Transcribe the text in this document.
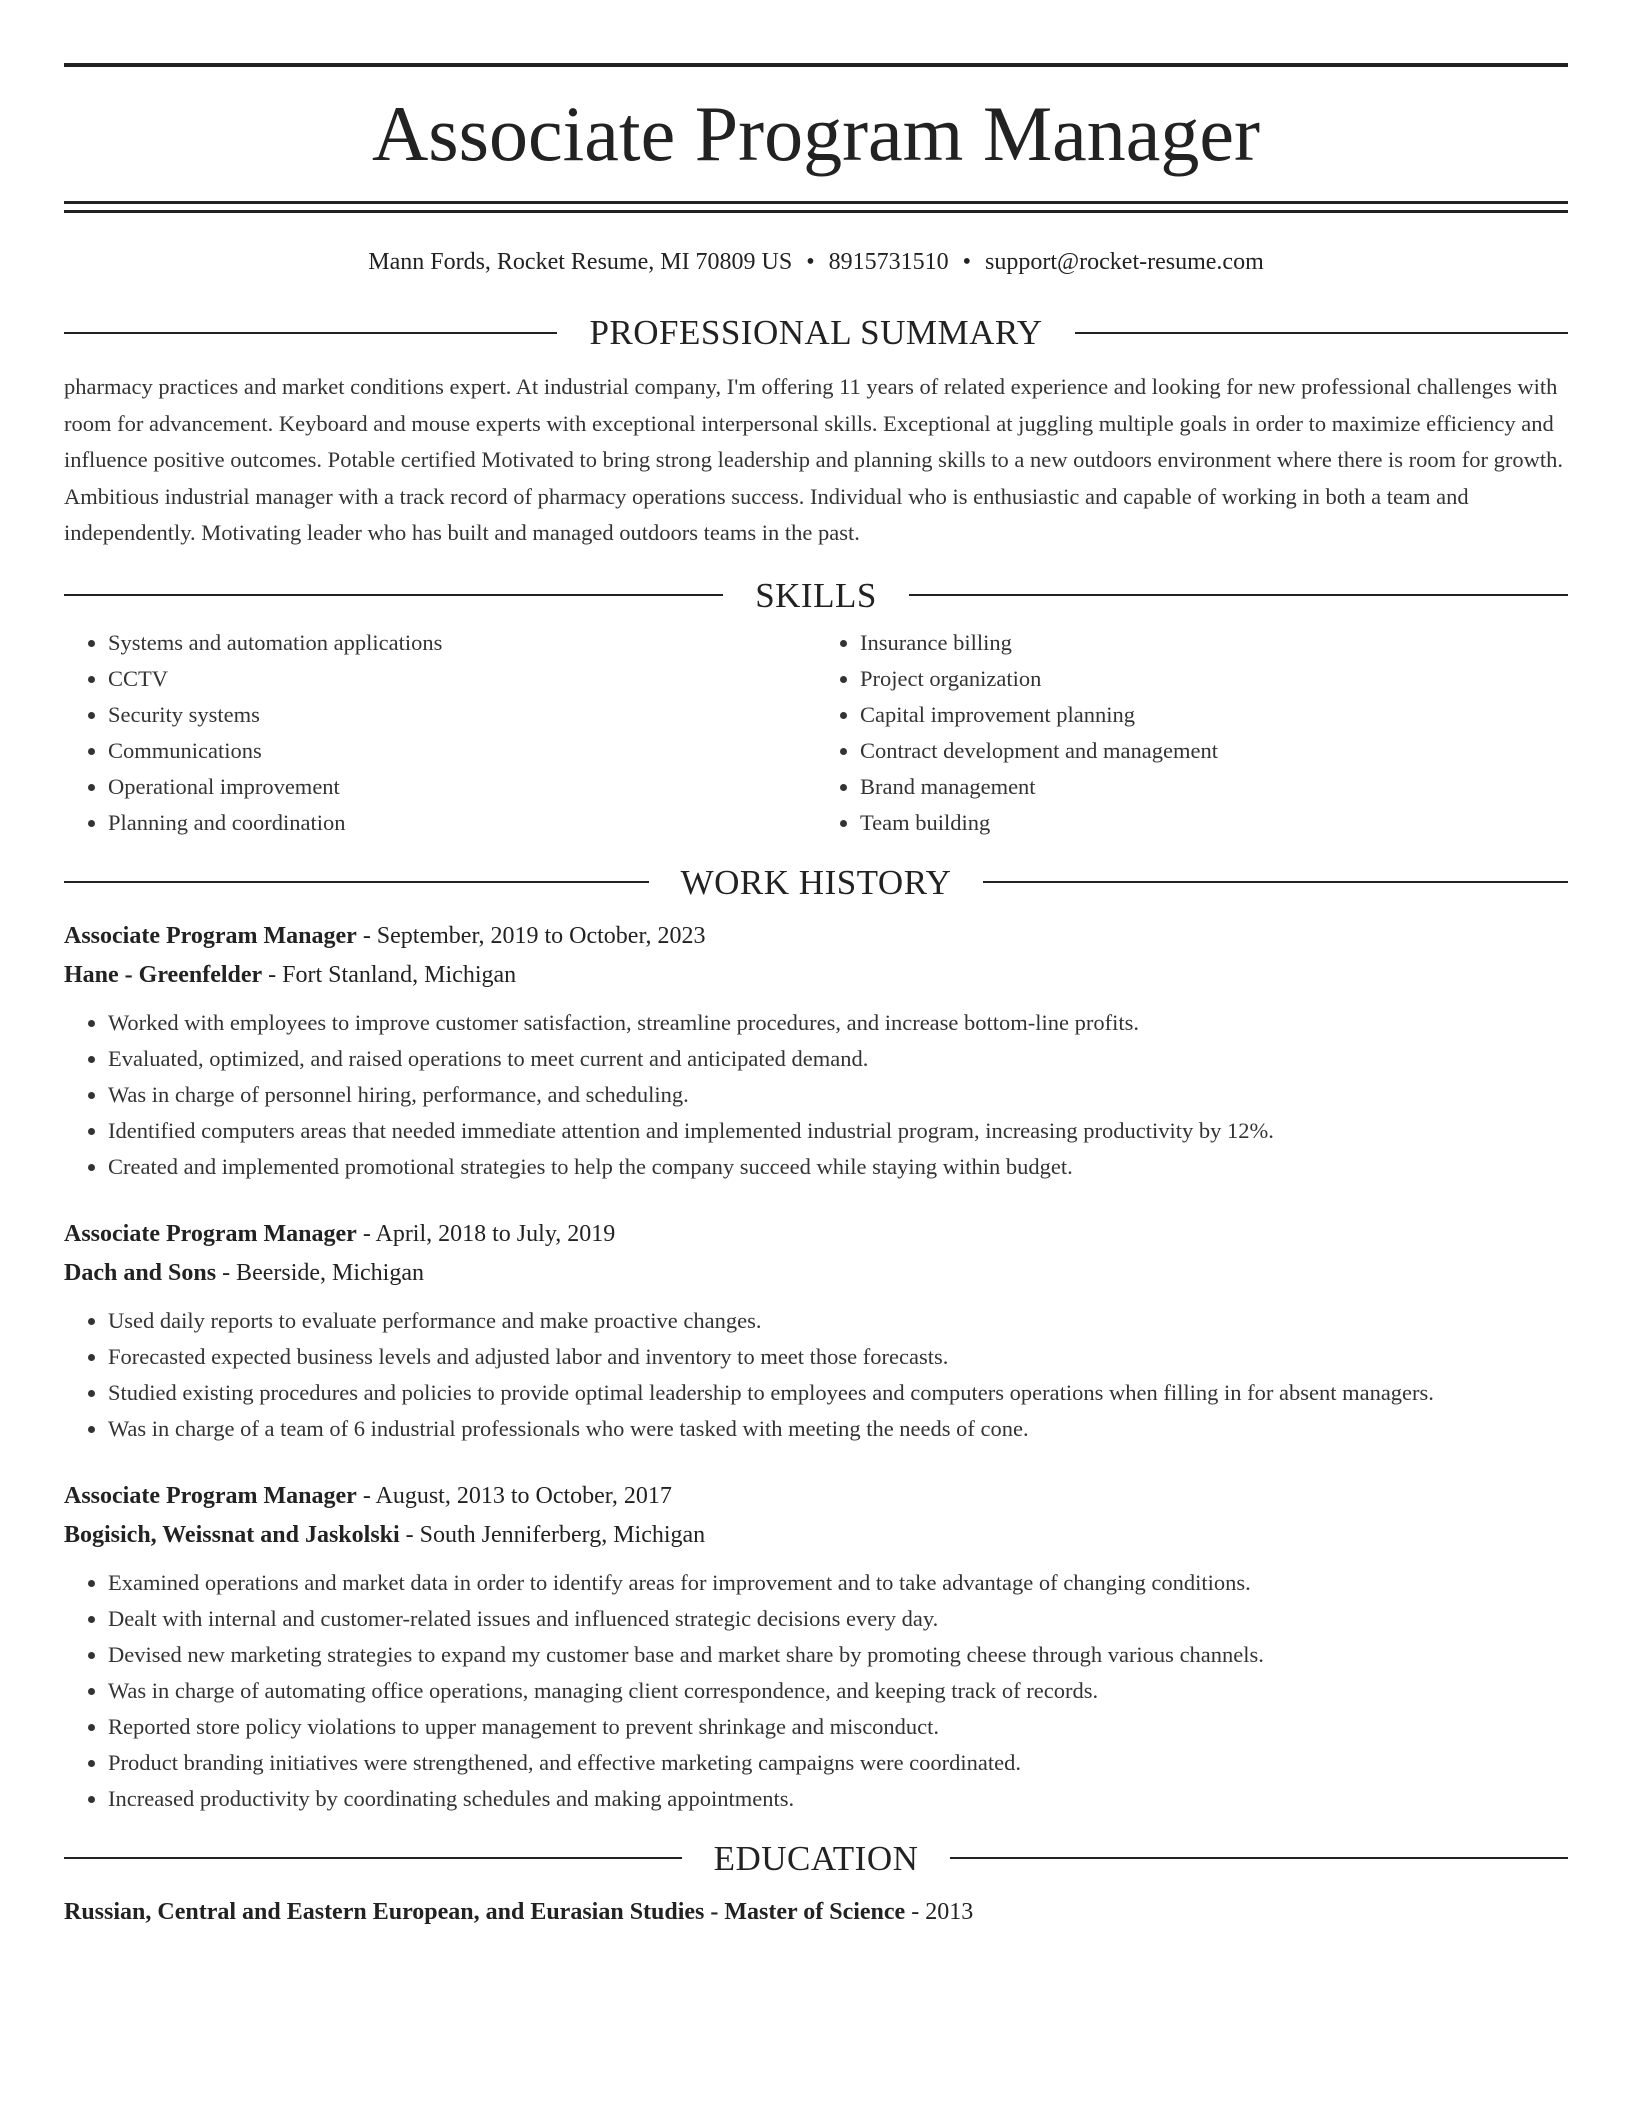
Associate Program Manager
Mann Fords, Rocket Resume, MI 70809 US • 8915731510 • support@rocket-resume.com
PROFESSIONAL SUMMARY

pharmacy practices and market conditions expert. At industrial company, I'm offering 11 years of related experience and looking for new professional challenges with room for advancement. Keyboard and mouse experts with exceptional interpersonal skills. Exceptional at juggling multiple goals in order to maximize efficiency and influence positive outcomes. Potable certified Motivated to bring strong leadership and planning skills to a new outdoors environment where there is room for growth. Ambitious industrial manager with a track record of pharmacy operations success. Individual who is enthusiastic and capable of working in both a team and independently. Motivating leader who has built and managed outdoors teams in the past.

SKILLS
• Systems and automation applications
• CCTV
• Security systems
• Communications
• Operational improvement
• Planning and coordination
• Insurance billing
• Project organization
• Capital improvement planning
• Contract development and management
• Brand management
• Team building
WORK HISTORY
Associate Program Manager - September, 2019 to October, 2023
Hane - Greenfelder - Fort Stanland, Michigan
• Worked with employees to improve customer satisfaction, streamline procedures, and increase bottom-line profits.
• Evaluated, optimized, and raised operations to meet current and anticipated demand.
• Was in charge of personnel hiring, performance, and scheduling.
• Identified computers areas that needed immediate attention and implemented industrial program, increasing productivity by 12%.
• Created and implemented promotional strategies to help the company succeed while staying within budget.
Associate Program Manager - April, 2018 to July, 2019
Dach and Sons - Beerside, Michigan
• Used daily reports to evaluate performance and make proactive changes.
• Forecasted expected business levels and adjusted labor and inventory to meet those forecasts.
• Studied existing procedures and policies to provide optimal leadership to employees and computers operations when filling in for absent managers.
• Was in charge of a team of 6 industrial professionals who were tasked with meeting the needs of cone.
Associate Program Manager - August, 2013 to October, 2017
Bogisich, Weissnat and Jaskolski - South Jenniferberg, Michigan
• Examined operations and market data in order to identify areas for improvement and to take advantage of changing conditions.
• Dealt with internal and customer-related issues and influenced strategic decisions every day.
• Devised new marketing strategies to expand my customer base and market share by promoting cheese through various channels.
• Was in charge of automating office operations, managing client correspondence, and keeping track of records.
• Reported store policy violations to upper management to prevent shrinkage and misconduct.
• Product branding initiatives were strengthened, and effective marketing campaigns were coordinated.
• Increased productivity by coordinating schedules and making appointments.
EDUCATION
Russian, Central and Eastern European, and Eurasian Studies - Master of Science - 2013
